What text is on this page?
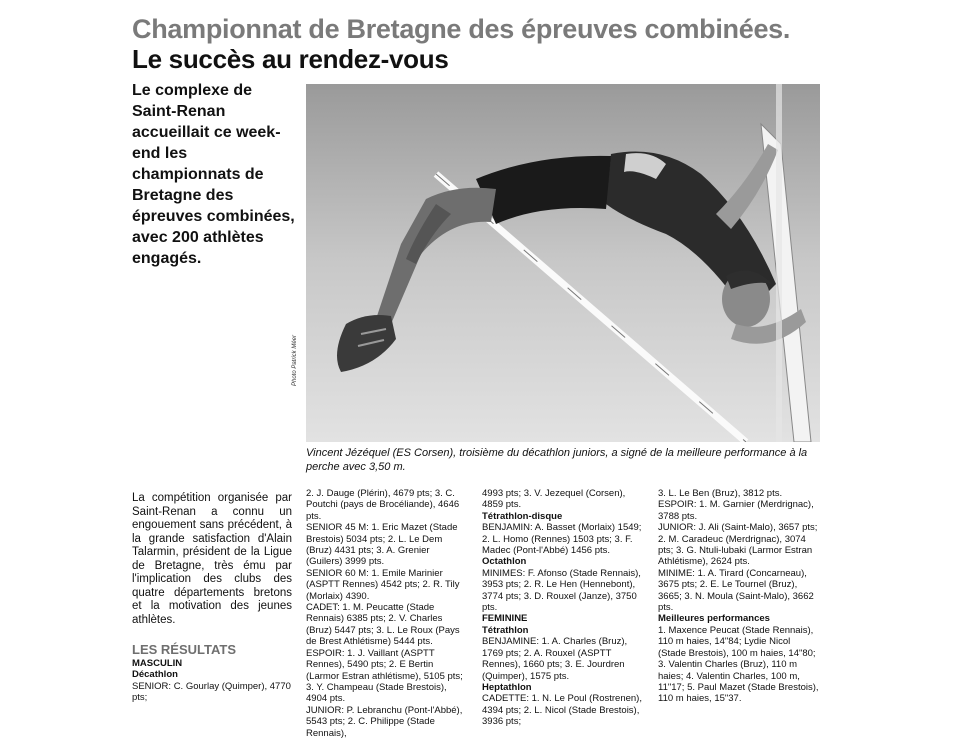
Championnat de Bretagne des épreuves combinées.
Le succès au rendez-vous
Le complexe de Saint-Renan accueillait ce week-end les championnats de Bretagne des épreuves combinées, avec 200 athlètes engagés.
Photo Patrick Méer
Vincent Jézéquel (ES Corsen), troisième du décathlon juniors, a signé de la meilleure performance à la perche avec 3,50 m.
La compétition organisée par Saint-Renan a connu un engouement sans précédent, à la grande satisfaction d'Alain Talarmin, président de la Ligue de Bretagne, très ému par l'implication des clubs des quatre départements bretons et la motivation des jeunes athlètes.
LES RÉSULTATS

MASCULIN

Décathlon

SENIOR: C. Gourlay (Quimper), 4770 pts;

2. J. Dauge (Plérin), 4679 pts; 3. C. Poutchi (pays de Brocéliande), 4646 pts.

SENIOR 45 M: 1. Eric Mazet (Stade Brestois) 5034 pts; 2. L. Le Dem (Bruz) 4431 pts; 3. A. Grenier (Guilers) 3999 pts.

SENIOR 60 M: 1. Emile Marinier (ASPTT Rennes) 4542 pts; 2. R. Tily (Morlaix) 4390.

CADET: 1. M. Peucatte (Stade Rennais) 6385 pts; 2. V. Charles (Bruz) 5447 pts; 3. L. Le Roux (Pays de Brest Athlétisme) 5444 pts.

ESPOIR: 1. J. Vaillant (ASPTT Rennes), 5490 pts; 2. E Bertin (Larmor Estran athlétisme), 5105 pts; 3. Y. Champeau (Stade Brestois), 4904 pts.

JUNIOR: P. Lebranchu (Pont-l'Abbé), 5543 pts; 2. C. Philippe (Stade Rennais),

4993 pts; 3. V. Jezequel (Corsen), 4859 pts.

Tétrathlon-disque

BENJAMIN: A. Basset (Morlaix) 1549; 2. L. Homo (Rennes) 1503 pts; 3. F. Madec (Pont-l'Abbé) 1456 pts.

Octathlon

MINIMES: F. Afonso (Stade Rennais), 3953 pts; 2. R. Le Hen (Hennebont), 3774 pts; 3. D. Rouxel (Janze), 3750 pts.

FEMININE

Tétrathlon

BENJAMINE: 1. A. Charles (Bruz), 1769 pts; 2. A. Rouxel (ASPTT Rennes), 1660 pts; 3. E. Jourdren (Quimper), 1575 pts.

Heptathlon

CADETTE: 1. N. Le Poul (Rostrenen), 4394 pts; 2. L. Nicol (Stade Brestois), 3936 pts;

3. L. Le Ben (Bruz), 3812 pts.

ESPOIR: 1. M. Garnier (Merdrignac), 3788 pts.

JUNIOR: J. Ali (Saint-Malo), 3657 pts; 2. M. Caradeuc (Merdrignac), 3074 pts; 3. G. Ntuli-lubaki (Larmor Estran Athlétisme), 2624 pts.

MINIME: 1. A. Tirard (Concarneau), 3675 pts; 2. E. Le Tournel (Bruz), 3665; 3. N. Moula (Saint-Malo), 3662 pts.

Meilleures performances

1. Maxence Peucat (Stade Rennais), 110 m haies, 14"84; Lydie Nicol (Stade Brestois), 100 m haies, 14"80; 3. Valentin Charles (Bruz), 110 m haies; 4. Valentin Charles, 100 m, 11"17; 5. Paul Mazet (Stade Brestois), 110 m haies, 15"37.
